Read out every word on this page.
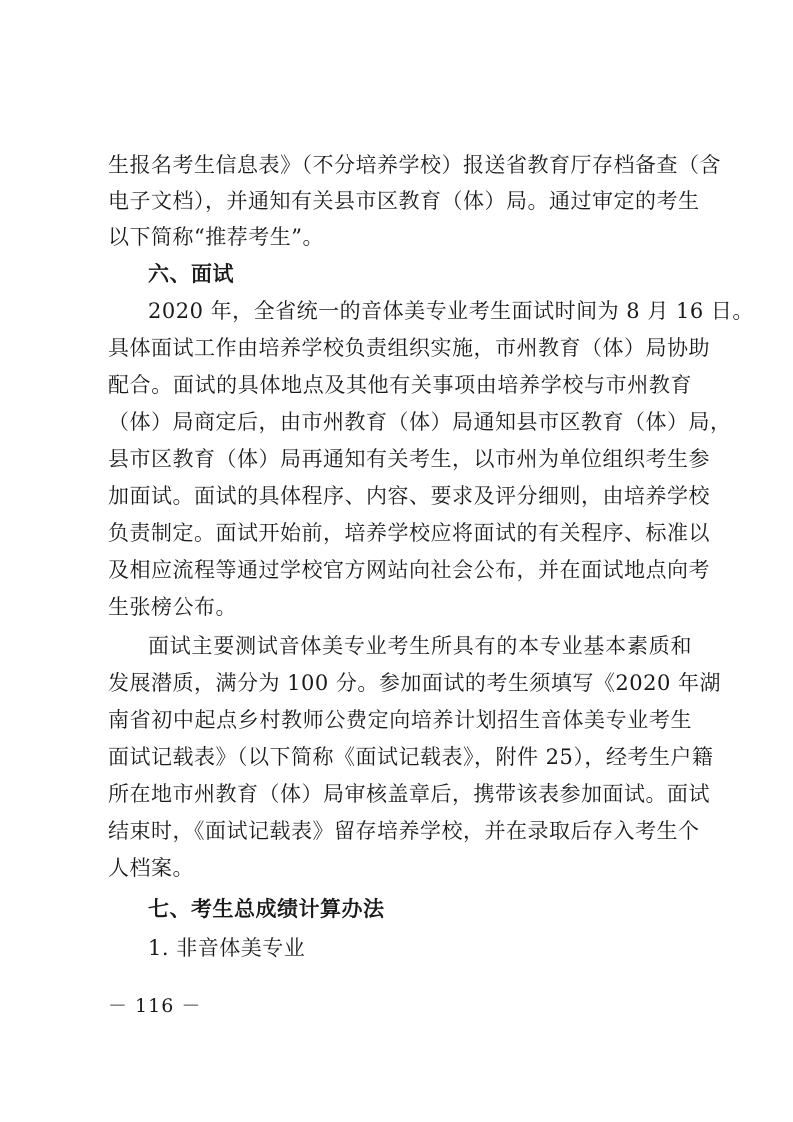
生报名考生信息表》（不分培养学校）报送省教育厅存档备查（含
电子文档），并通知有关县市区教育（体）局。通过审定的考生
以下简称“推荐考生”。
六、面试
2020 年，全省统一的音体美专业考生面试时间为 8 月 16 日。
具体面试工作由培养学校负责组织实施，市州教育（体）局协助
配合。面试的具体地点及其他有关事项由培养学校与市州教育
（体）局商定后，由市州教育（体）局通知县市区教育（体）局，
县市区教育（体）局再通知有关考生，以市州为单位组织考生参
加面试。面试的具体程序、内容、要求及评分细则，由培养学校
负责制定。面试开始前，培养学校应将面试的有关程序、标准以
及相应流程等通过学校官方网站向社会公布，并在面试地点向考
生张榜公布。
面试主要测试音体美专业考生所具有的本专业基本素质和
发展潜质，满分为 100 分。参加面试的考生须填写《2020 年湖
南省初中起点乡村教师公费定向培养计划招生音体美专业考生
面试记载表》（以下简称《面试记载表》，附件 25），经考生户籍
所在地市州教育（体）局审核盖章后，携带该表参加面试。面试
结束时，《面试记载表》留存培养学校，并在录取后存入考生个
人档案。
七、考生总成绩计算办法
1. 非音体美专业
－ 116 －
